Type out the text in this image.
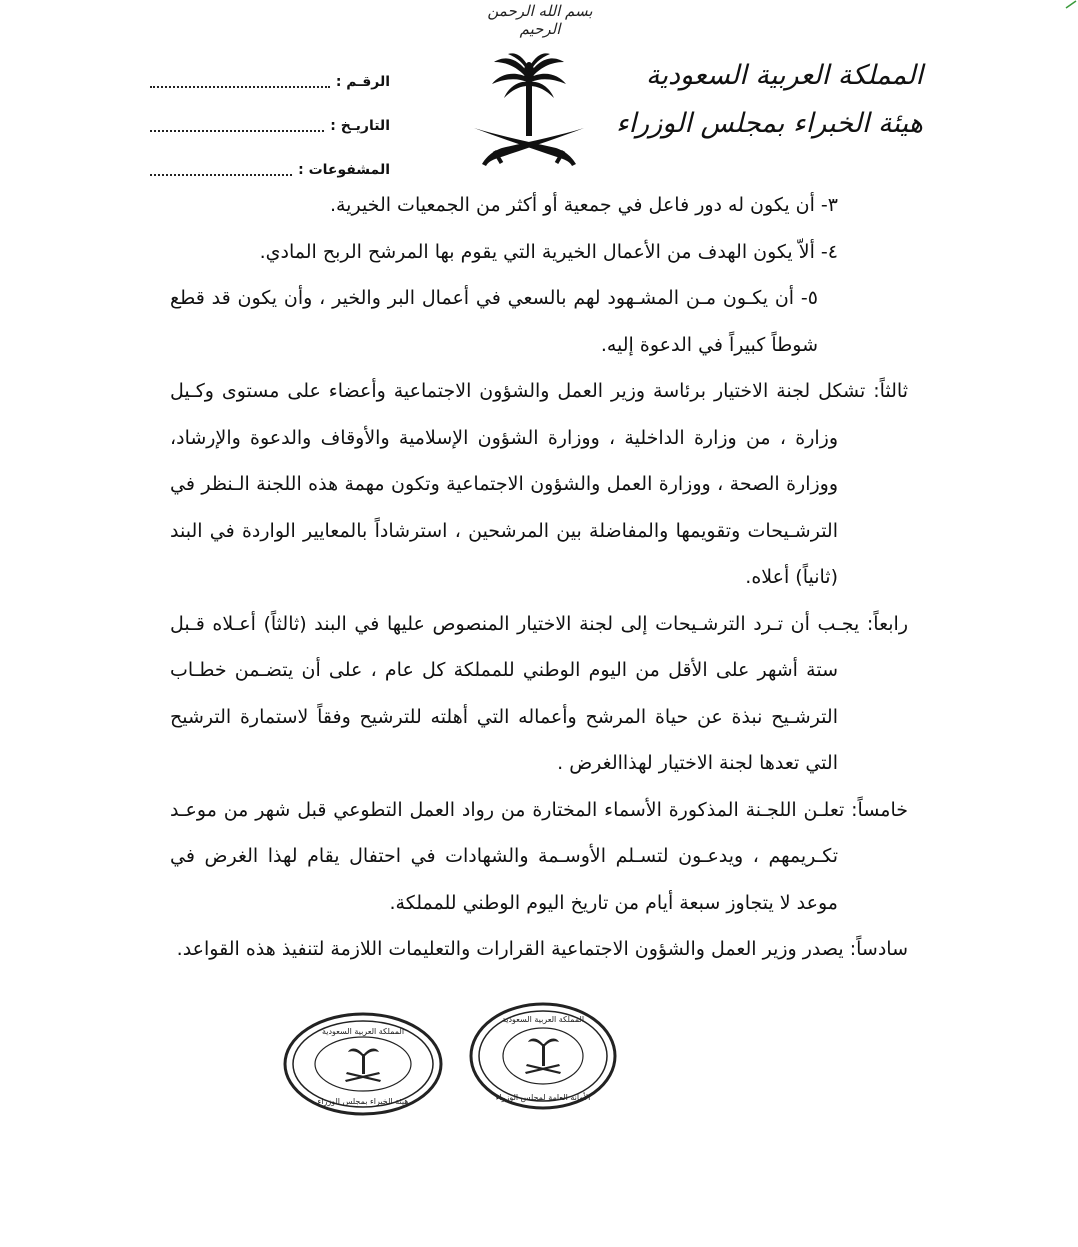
بسم الله الرحمن الرحيم
المملكة العربية السعودية
هيئة الخبراء بمجلس الوزراء
الرقـم :
التاريـخ :
المشفوعات :

٣- أن يكون له دور فاعل في جمعية أو أكثر من الجمعيات الخيرية.

٤- ألاّ يكون الهدف من الأعمال الخيرية التي يقوم بها المرشح الربح المادي.

٥- أن يكـون مـن المشـهود لهم بالسعي في أعمال البر والخير ، وأن يكون قد قطع شوطاً كبيراً في الدعوة إليه.

ثالثاً: تشكل لجنة الاختيار برئاسة وزير العمل والشؤون الاجتماعية وأعضاء على مستوى وكـيل وزارة ، من وزارة الداخلية ، ووزارة الشؤون الإسلامية والأوقاف والدعوة والإرشاد، ووزارة الصحة ، ووزارة العمل والشؤون الاجتماعية وتكون مهمة هذه اللجنة الـنظر في الترشـيحات وتقويمها والمفاضلة بين المرشحين ، استرشاداً بالمعايير الواردة في البند (ثانياً) أعلاه.

رابعاً: يجـب أن تـرد الترشـيحات إلى لجنة الاختيار المنصوص عليها في البند (ثالثاً) أعـلاه قـبل ستة أشهر على الأقل من اليوم الوطني للمملكة كل عام ، على أن يتضـمن خطـاب الترشـيح نبذة عن حياة المرشح وأعماله التي أهلته للترشيح وفقاً لاستمارة الترشيح التي تعدها لجنة الاختيار لهذاالغرض .

خامساً: تعلـن اللجـنة المذكورة الأسماء المختارة من رواد العمل التطوعي قبل شهر من موعـد تكـريمهم ، ويدعـون لتسـلم الأوسـمة والشهادات في احتفال يقام لهذا الغرض في موعد لا يتجاوز سبعة أيام من تاريخ اليوم الوطني للمملكة.

سادساً: يصدر وزير العمل والشؤون الاجتماعية القرارات والتعليمات اللازمة لتنفيذ هذه القواعد.

المملكة العربية السعودية
هيئة الخبراء بمجلس الوزراء
المملكة العربية السعودية
الأمانة العامة لمجلس الوزراء
